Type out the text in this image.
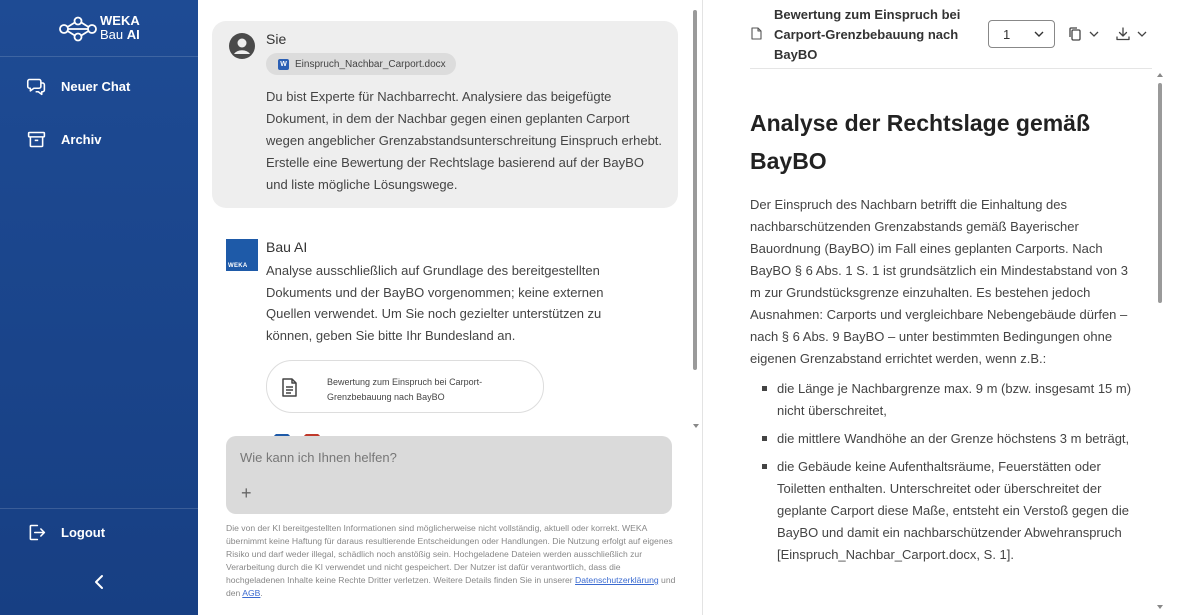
WEKA
Bau AI
Neuer Chat
Archiv
Logout
Sie
W Einspruch_Nachbar_Carport.docx
Du bist Experte für Nachbarrecht. Analysiere das beigefügte Dokument, in dem der Nachbar gegen einen geplanten Carport wegen angeblicher Grenzabstandsunterschreitung Einspruch erhebt. Erstelle eine Bewertung der Rechtslage basierend auf der BayBO und liste mögliche Lösungswege.
WEKA
Bau AI
Analyse ausschließlich auf Grundlage des bereitgestellten Dokuments und der BayBO vorgenommen; keine externen Quellen verwendet. Um Sie noch gezielter unterstützen zu können, geben Sie bitte Ihr Bundesland an.
Bewertung zum Einspruch bei Carport-Grenzbebauung nach BayBO
Wie kann ich Ihnen helfen?
+
Die von der KI bereitgestellten Informationen sind möglicherweise nicht vollständig, aktuell oder korrekt. WEKA übernimmt keine Haftung für daraus resultierende Entscheidungen oder Handlungen. Die Nutzung erfolgt auf eigenes Risiko und darf weder illegal, schädlich noch anstößig sein. Hochgeladene Dateien werden ausschließlich zur Verarbeitung durch die KI verwendet und nicht gespeichert. Der Nutzer ist dafür verantwortlich, dass die hochgeladenen Inhalte keine Rechte Dritter verletzen. Weitere Details finden Sie in unserer Datenschutzerklärung und den AGB.
Bewertung zum Einspruch bei Carport-Grenzbebauung nach BayBO
1
Analyse der Rechtslage gemäß BayBO
Der Einspruch des Nachbarn betrifft die Einhaltung des nachbarschützenden Grenzabstands gemäß Bayerischer Bauordnung (BayBO) im Fall eines geplanten Carports. Nach BayBO § 6 Abs. 1 S. 1 ist grundsätzlich ein Mindestabstand von 3 m zur Grundstücksgrenze einzuhalten. Es bestehen jedoch Ausnahmen: Carports und vergleichbare Nebengebäude dürfen – nach § 6 Abs. 9 BayBO – unter bestimmten Bedingungen ohne eigenen Grenzabstand errichtet werden, wenn z.B.:
die Länge je Nachbargrenze max. 9 m (bzw. insgesamt 15 m) nicht überschreitet,
die mittlere Wandhöhe an der Grenze höchstens 3 m beträgt,
die Gebäude keine Aufenthaltsräume, Feuerstätten oder Toiletten enthalten. Unterschreitet oder überschreitet der geplante Carport diese Maße, entsteht ein Verstoß gegen die BayBO und damit ein nachbarschützender Abwehranspruch [Einspruch_Nachbar_Carport.docx, S. 1].
